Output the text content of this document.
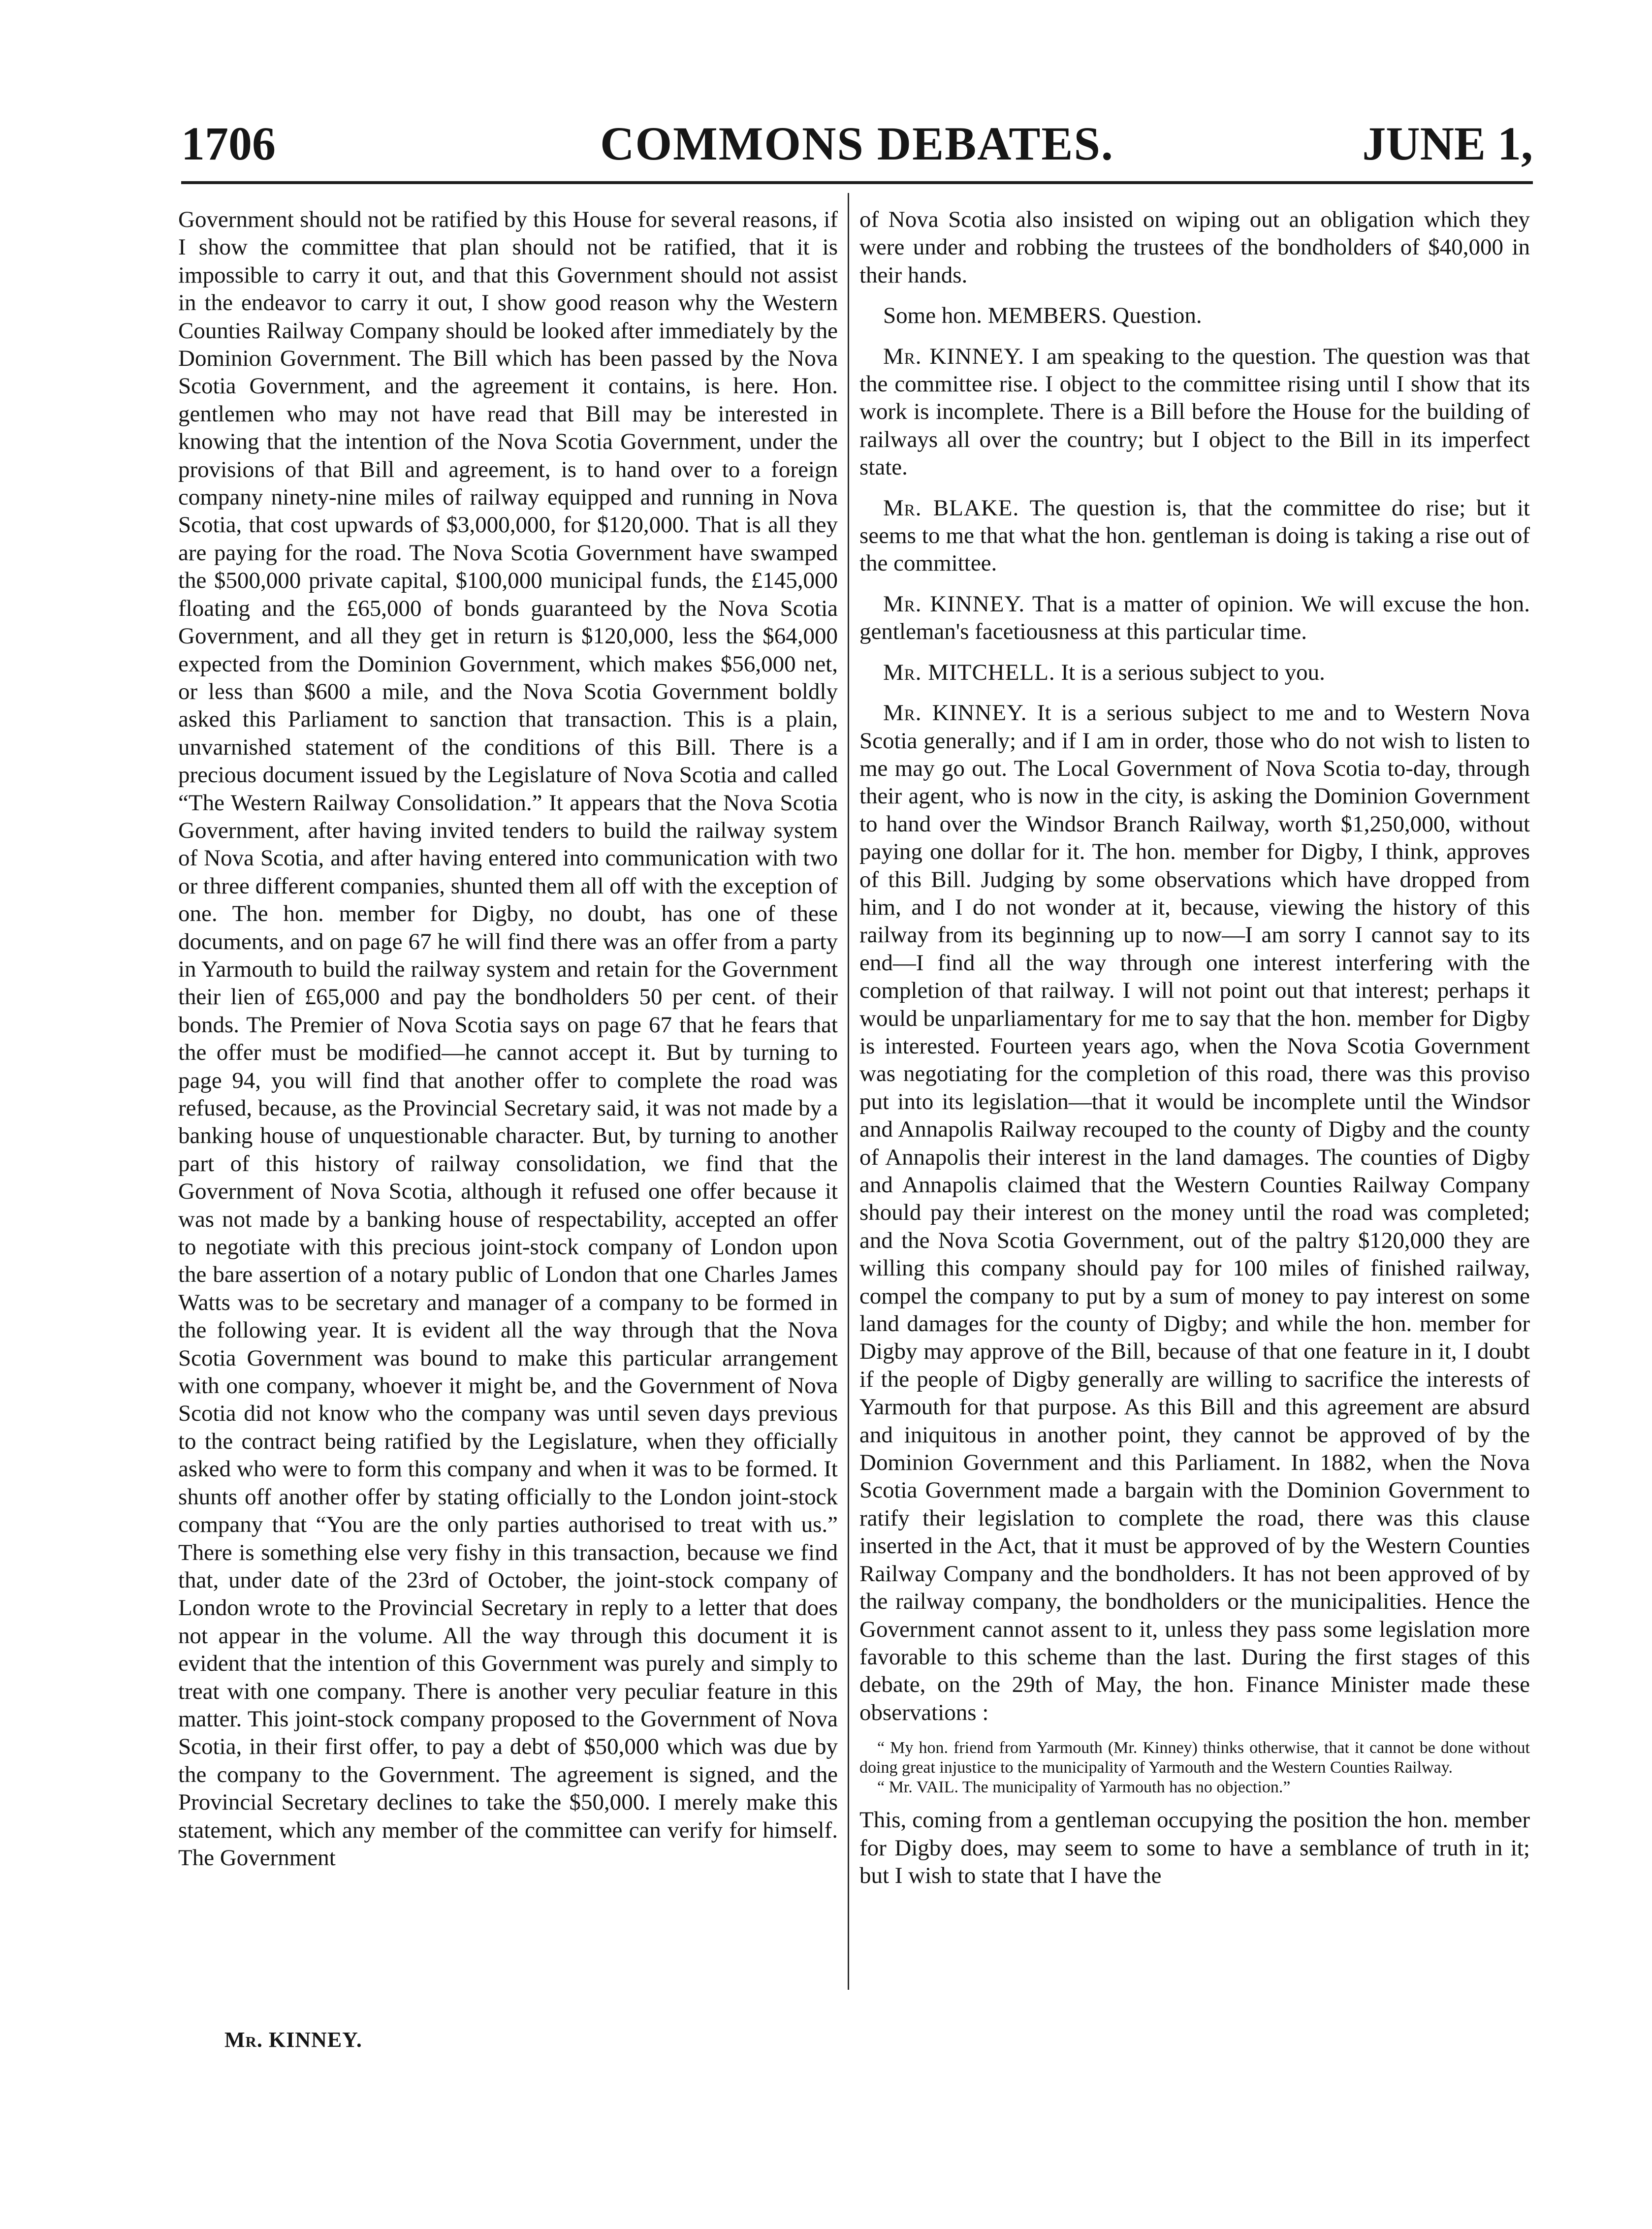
1706	COMMONS DEBATES.	JUNE 1,

Government should not be ratified by this House for several reasons, if I show the committee that plan should not be ratified, that it is impossible to carry it out, and that this Government should not assist in the endeavor to carry it out, I show good reason why the Western Counties Railway Company should be looked after immediately by the Dominion Government. The Bill which has been passed by the Nova Scotia Government, and the agreement it contains, is here. Hon. gentlemen who may not have read that Bill may be interested in knowing that the intention of the Nova Scotia Government, under the provisions of that Bill and agreement, is to hand over to a foreign company ninety-nine miles of railway equipped and running in Nova Scotia, that cost upwards of $3,000,000, for $120,000. That is all they are paying for the road. The Nova Scotia Government have swamped the $500,000 private capital, $100,000 municipal funds, the £145,000 floating and the £65,000 of bonds guaranteed by the Nova Scotia Government, and all they get in return is $120,000, less the $64,000 expected from the Dominion Government, which makes $56,000 net, or less than $600 a mile, and the Nova Scotia Government boldly asked this Parliament to sanction that transaction. This is a plain, unvarnished statement of the conditions of this Bill. There is a precious document issued by the Legislature of Nova Scotia and called “The Western Railway Consolidation.” It appears that the Nova Scotia Government, after having invited tenders to build the railway system of Nova Scotia, and after having entered into communication with two or three different companies, shunted them all off with the exception of one. The hon. member for Digby, no doubt, has one of these documents, and on page 67 he will find there was an offer from a party in Yarmouth to build the railway system and retain for the Government their lien of £65,000 and pay the bondholders 50 per cent. of their bonds. The Premier of Nova Scotia says on page 67 that he fears that the offer must be modified—he cannot accept it. But by turning to page 94, you will find that another offer to complete the road was refused, because, as the Provincial Secretary said, it was not made by a banking house of unquestionable character. But, by turning to another part of this history of railway consolidation, we find that the Government of Nova Scotia, although it refused one offer because it was not made by a banking house of respectability, accepted an offer to negotiate with this precious joint-stock company of London upon the bare assertion of a notary public of London that one Charles James Watts was to be secretary and manager of a company to be formed in the following year. It is evident all the way through that the Nova Scotia Government was bound to make this particular arrangement with one company, whoever it might be, and the Government of Nova Scotia did not know who the company was until seven days previous to the contract being ratified by the Legislature, when they officially asked who were to form this company and when it was to be formed. It shunts off another offer by stating officially to the London joint-stock company that “You are the only parties authorised to treat with us.” There is something else very fishy in this transaction, because we find that, under date of the 23rd of October, the joint-stock company of London wrote to the Provincial Secretary in reply to a letter that does not appear in the volume. All the way through this document it is evident that the intention of this Government was purely and simply to treat with one company. There is another very peculiar feature in this matter. This joint-stock company proposed to the Government of Nova Scotia, in their first offer, to pay a debt of $50,000 which was due by the company to the Government. The agreement is signed, and the Provincial Secretary declines to take the $50,000. I merely make this statement, which any member of the committee can verify for himself. The Government

of Nova Scotia also insisted on wiping out an obligation which they were under and robbing the trustees of the bondholders of $40,000 in their hands.

Some hon. MEMBERS. Question.

Mr. KINNEY. I am speaking to the question. The question was that the committee rise. I object to the committee rising until I show that its work is incomplete. There is a Bill before the House for the building of railways all over the country; but I object to the Bill in its imperfect state.

Mr. BLAKE. The question is, that the committee do rise; but it seems to me that what the hon. gentleman is doing is taking a rise out of the committee.

Mr. KINNEY. That is a matter of opinion. We will excuse the hon. gentleman's facetiousness at this particular time.

Mr. MITCHELL. It is a serious subject to you.

Mr. KINNEY. It is a serious subject to me and to Western Nova Scotia generally; and if I am in order, those who do not wish to listen to me may go out. The Local Government of Nova Scotia to-day, through their agent, who is now in the city, is asking the Dominion Government to hand over the Windsor Branch Railway, worth $1,250,000, without paying one dollar for it. The hon. member for Digby, I think, approves of this Bill. Judging by some observations which have dropped from him, and I do not wonder at it, because, viewing the history of this railway from its beginning up to now—I am sorry I cannot say to its end—I find all the way through one interest interfering with the completion of that railway. I will not point out that interest; perhaps it would be unparliamentary for me to say that the hon. member for Digby is interested. Fourteen years ago, when the Nova Scotia Government was negotiating for the completion of this road, there was this proviso put into its legislation—that it would be incomplete until the Windsor and Annapolis Railway recouped to the county of Digby and the county of Annapolis their interest in the land damages. The counties of Digby and Annapolis claimed that the Western Counties Railway Company should pay their interest on the money until the road was completed; and the Nova Scotia Government, out of the paltry $120,000 they are willing this company should pay for 100 miles of finished railway, compel the company to put by a sum of money to pay interest on some land damages for the county of Digby; and while the hon. member for Digby may approve of the Bill, because of that one feature in it, I doubt if the people of Digby generally are willing to sacrifice the interests of Yarmouth for that purpose. As this Bill and this agreement are absurd and iniquitous in another point, they cannot be approved of by the Dominion Government and this Parliament. In 1882, when the Nova Scotia Government made a bargain with the Dominion Government to ratify their legislation to complete the road, there was this clause inserted in the Act, that it must be approved of by the Western Counties Railway Company and the bondholders. It has not been approved of by the railway company, the bondholders or the municipalities. Hence the Government cannot assent to it, unless they pass some legislation more favorable to this scheme than the last. During the first stages of this debate, on the 29th of May, the hon. Finance Minister made these observations :

“ My hon. friend from Yarmouth (Mr. Kinney) thinks otherwise, that it cannot be done without doing great injustice to the municipality of Yarmouth and the Western Counties Railway.

“ Mr. VAIL. The municipality of Yarmouth has no objection.”

This, coming from a gentleman occupying the position the hon. member for Digby does, may seem to some to have a semblance of truth in it; but I wish to state that I have the

Mr. KINNEY.
